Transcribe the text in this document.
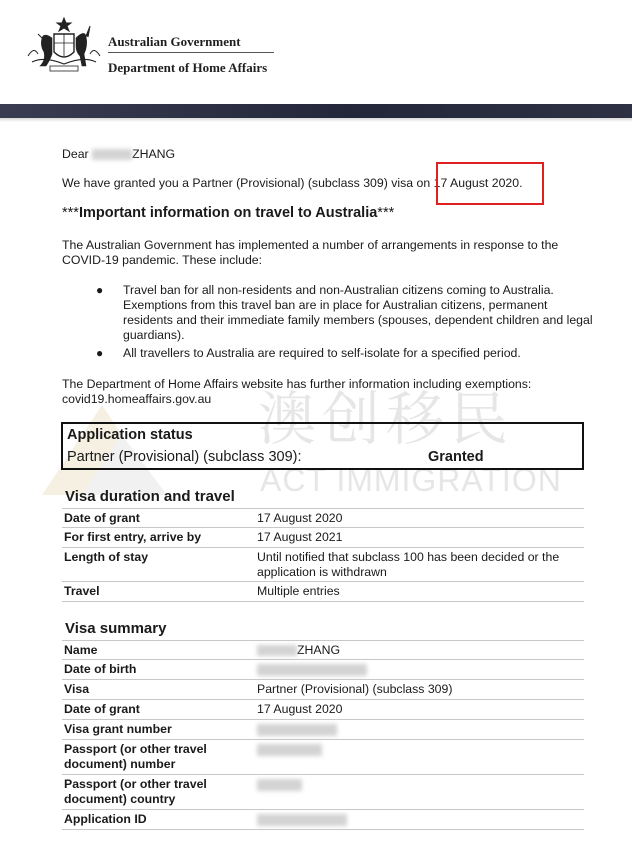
Australian Government
Department of Home Affairs
澳创移民
ACT IMMIGRATION
Dear	ZHANG
We have granted you a Partner (Provisional) (subclass 309) visa on 17 August 2020.
***Important information on travel to Australia***
The Australian Government has implemented a number of arrangements in response to the COVID-19 pandemic. These include:
● Travel ban for all non-residents and non-Australian citizens coming to Australia. Exemptions from this travel ban are in place for Australian citizens, permanent residents and their immediate family members (spouses, dependent children and legal guardians).
● All travellers to Australia are required to self-isolate for a specified period.
The Department of Home Affairs website has further information including exemptions:
covid19.homeaffairs.gov.au
Application status
Partner (Provisional) (subclass 309):	Granted
Visa duration and travel
Date of grant	17 August 2020
For first entry, arrive by	17 August 2021
Length of stay	Until notified that subclass 100 has been decided or the application is withdrawn
Travel	Multiple entries
Visa summary
Name	ZHANG
Date of birth
Visa	Partner (Provisional) (subclass 309)
Date of grant	17 August 2020
Visa grant number
Passport (or other travel document) number
Passport (or other travel document) country
Application ID
